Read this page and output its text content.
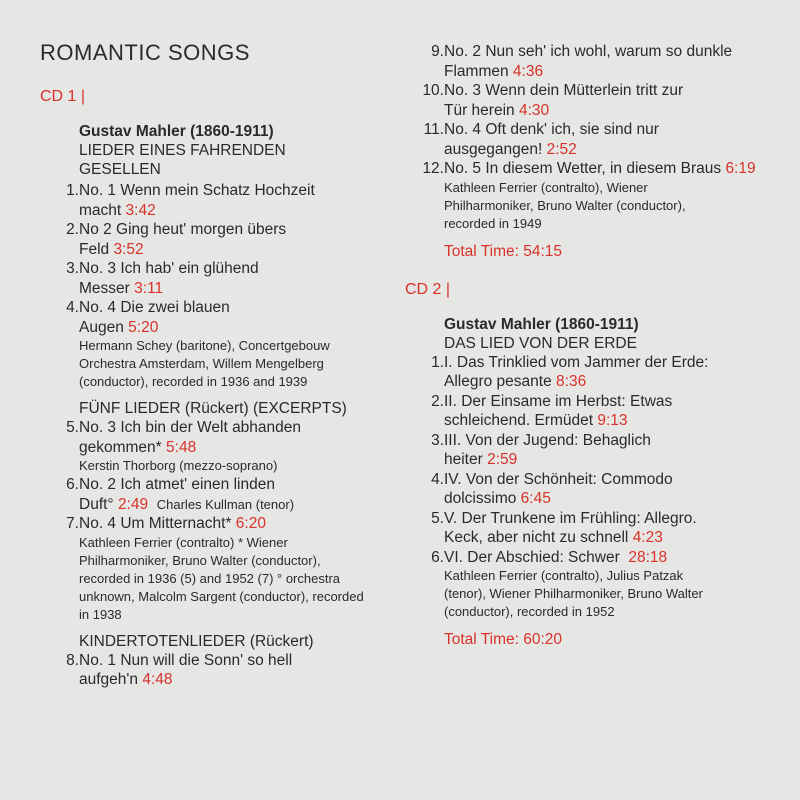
ROMANTIC SONGS
CD 1 |
Gustav Mahler (1860-1911)
LIEDER EINES FAHRENDEN GESELLEN
1. No. 1 Wenn mein Schatz Hochzeit macht 3:42
2. No 2 Ging heut' morgen übers Feld 3:52
3. No. 3 Ich hab' ein glühend Messer 3:11
4. No. 4 Die zwei blauen Augen 5:20
Hermann Schey (baritone), Concertgebouw Orchestra Amsterdam, Willem Mengelberg (conductor), recorded in 1936 and 1939
FÜNF LIEDER (Rückert) (EXCERPTS)
5. No. 3 Ich bin der Welt abhanden gekommen* 5:48
Kerstin Thorborg (mezzo-soprano)
6. No. 2 Ich atmet' einen linden Duft° 2:49 Charles Kullman (tenor)
7. No. 4 Um Mitternacht* 6:20
Kathleen Ferrier (contralto) * Wiener Philharmoniker, Bruno Walter (conductor), recorded in 1936 (5) and 1952 (7) ° orchestra unknown, Malcolm Sargent (conductor), recorded in 1938
KINDERTOTENLIEDER (Rückert)
8. No. 1 Nun will die Sonn' so hell aufgeh'n 4:48
9. No. 2 Nun seh' ich wohl, warum so dunkle Flammen 4:36
10. No. 3 Wenn dein Mütterlein tritt zur Tür herein 4:30
11. No. 4 Oft denk' ich, sie sind nur ausgegangen! 2:52
12. No. 5 In diesem Wetter, in diesem Braus 6:19
Kathleen Ferrier (contralto), Wiener Philharmoniker, Bruno Walter (conductor), recorded in 1949
Total Time: 54:15
CD 2 |
Gustav Mahler (1860-1911)
DAS LIED VON DER ERDE
1. I. Das Trinklied vom Jammer der Erde: Allegro pesante 8:36
2. II. Der Einsame im Herbst: Etwas schleichend. Ermüdet 9:13
3. III. Von der Jugend: Behaglich heiter 2:59
4. IV. Von der Schönheit: Commodo dolcissimo 6:45
5. V. Der Trunkene im Frühling: Allegro. Keck, aber nicht zu schnell 4:23
6. VI. Der Abschied: Schwer 28:18
Kathleen Ferrier (contralto), Julius Patzak (tenor), Wiener Philharmoniker, Bruno Walter (conductor), recorded in 1952
Total Time: 60:20
